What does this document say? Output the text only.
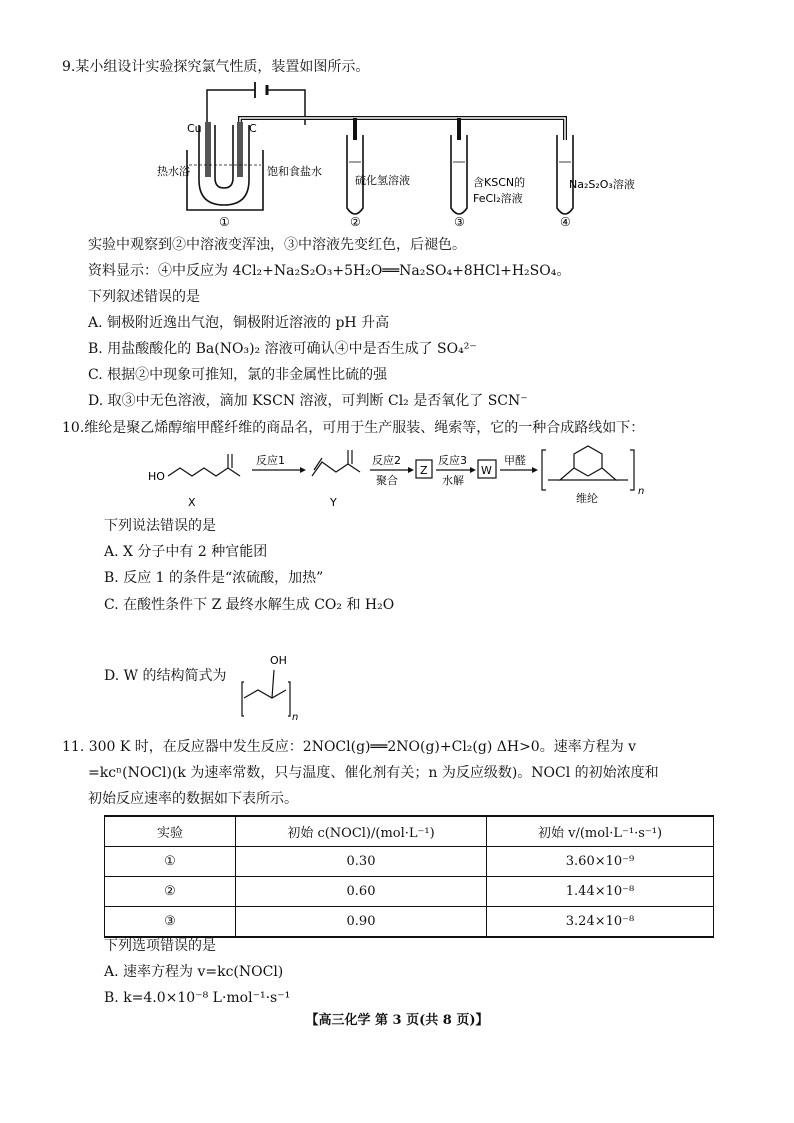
9.某小组设计实验探究氯气性质，装置如图所示。
Cu	C
热水浴	饱和食盐水
①
硫化氢溶液
②
含KSCN的
FeCl₂溶液
③
Na₂S₂O₃溶液
④
实验中观察到②中溶液变浑浊，③中溶液先变红色，后褪色。
资料显示：④中反应为 4Cl₂+Na₂S₂O₃+5H₂O══Na₂SO₄+8HCl+H₂SO₄。
下列叙述错误的是
A. 铜极附近逸出气泡，铜极附近溶液的 pH 升高
B. 用盐酸酸化的 Ba(NO₃)₂ 溶液可确认④中是否生成了 SO₄²⁻
C. 根据②中现象可推知，氯的非金属性比硫的强
D. 取③中无色溶液，滴加 KSCN 溶液，可判断 Cl₂ 是否氧化了 SCN⁻
10.维纶是聚乙烯醇缩甲醛纤维的商品名，可用于生产服装、绳索等，它的一种合成路线如下：
HO
X
反应1
Y
反应2
聚合
Z
反应3
水解
W
甲醛
n
维纶
下列说法错误的是
A. X 分子中有 2 种官能团
B. 反应 1 的条件是“浓硫酸，加热”
C. 在酸性条件下 Z 最终水解生成 CO₂ 和 H₂O
D. W 的结构简式为
OH
n
11. 300 K 时，在反应器中发生反应：2NOCl(g)══2NO(g)+Cl₂(g) ΔH>0。速率方程为 v
=kcⁿ(NOCl)(k 为速率常数，只与温度、催化剂有关；n 为反应级数)。NOCl 的初始浓度和
初始反应速率的数据如下表所示。
实验	初始 c(NOCl)/(mol·L⁻¹)	初始 v/(mol·L⁻¹·s⁻¹)
①	0.30	3.60×10⁻⁹
②	0.60	1.44×10⁻⁸
③	0.90	3.24×10⁻⁸
下列选项错误的是
A. 速率方程为 v=kc(NOCl)
B. k=4.0×10⁻⁸ L·mol⁻¹·s⁻¹
【高三化学 第 3 页(共 8 页)】
